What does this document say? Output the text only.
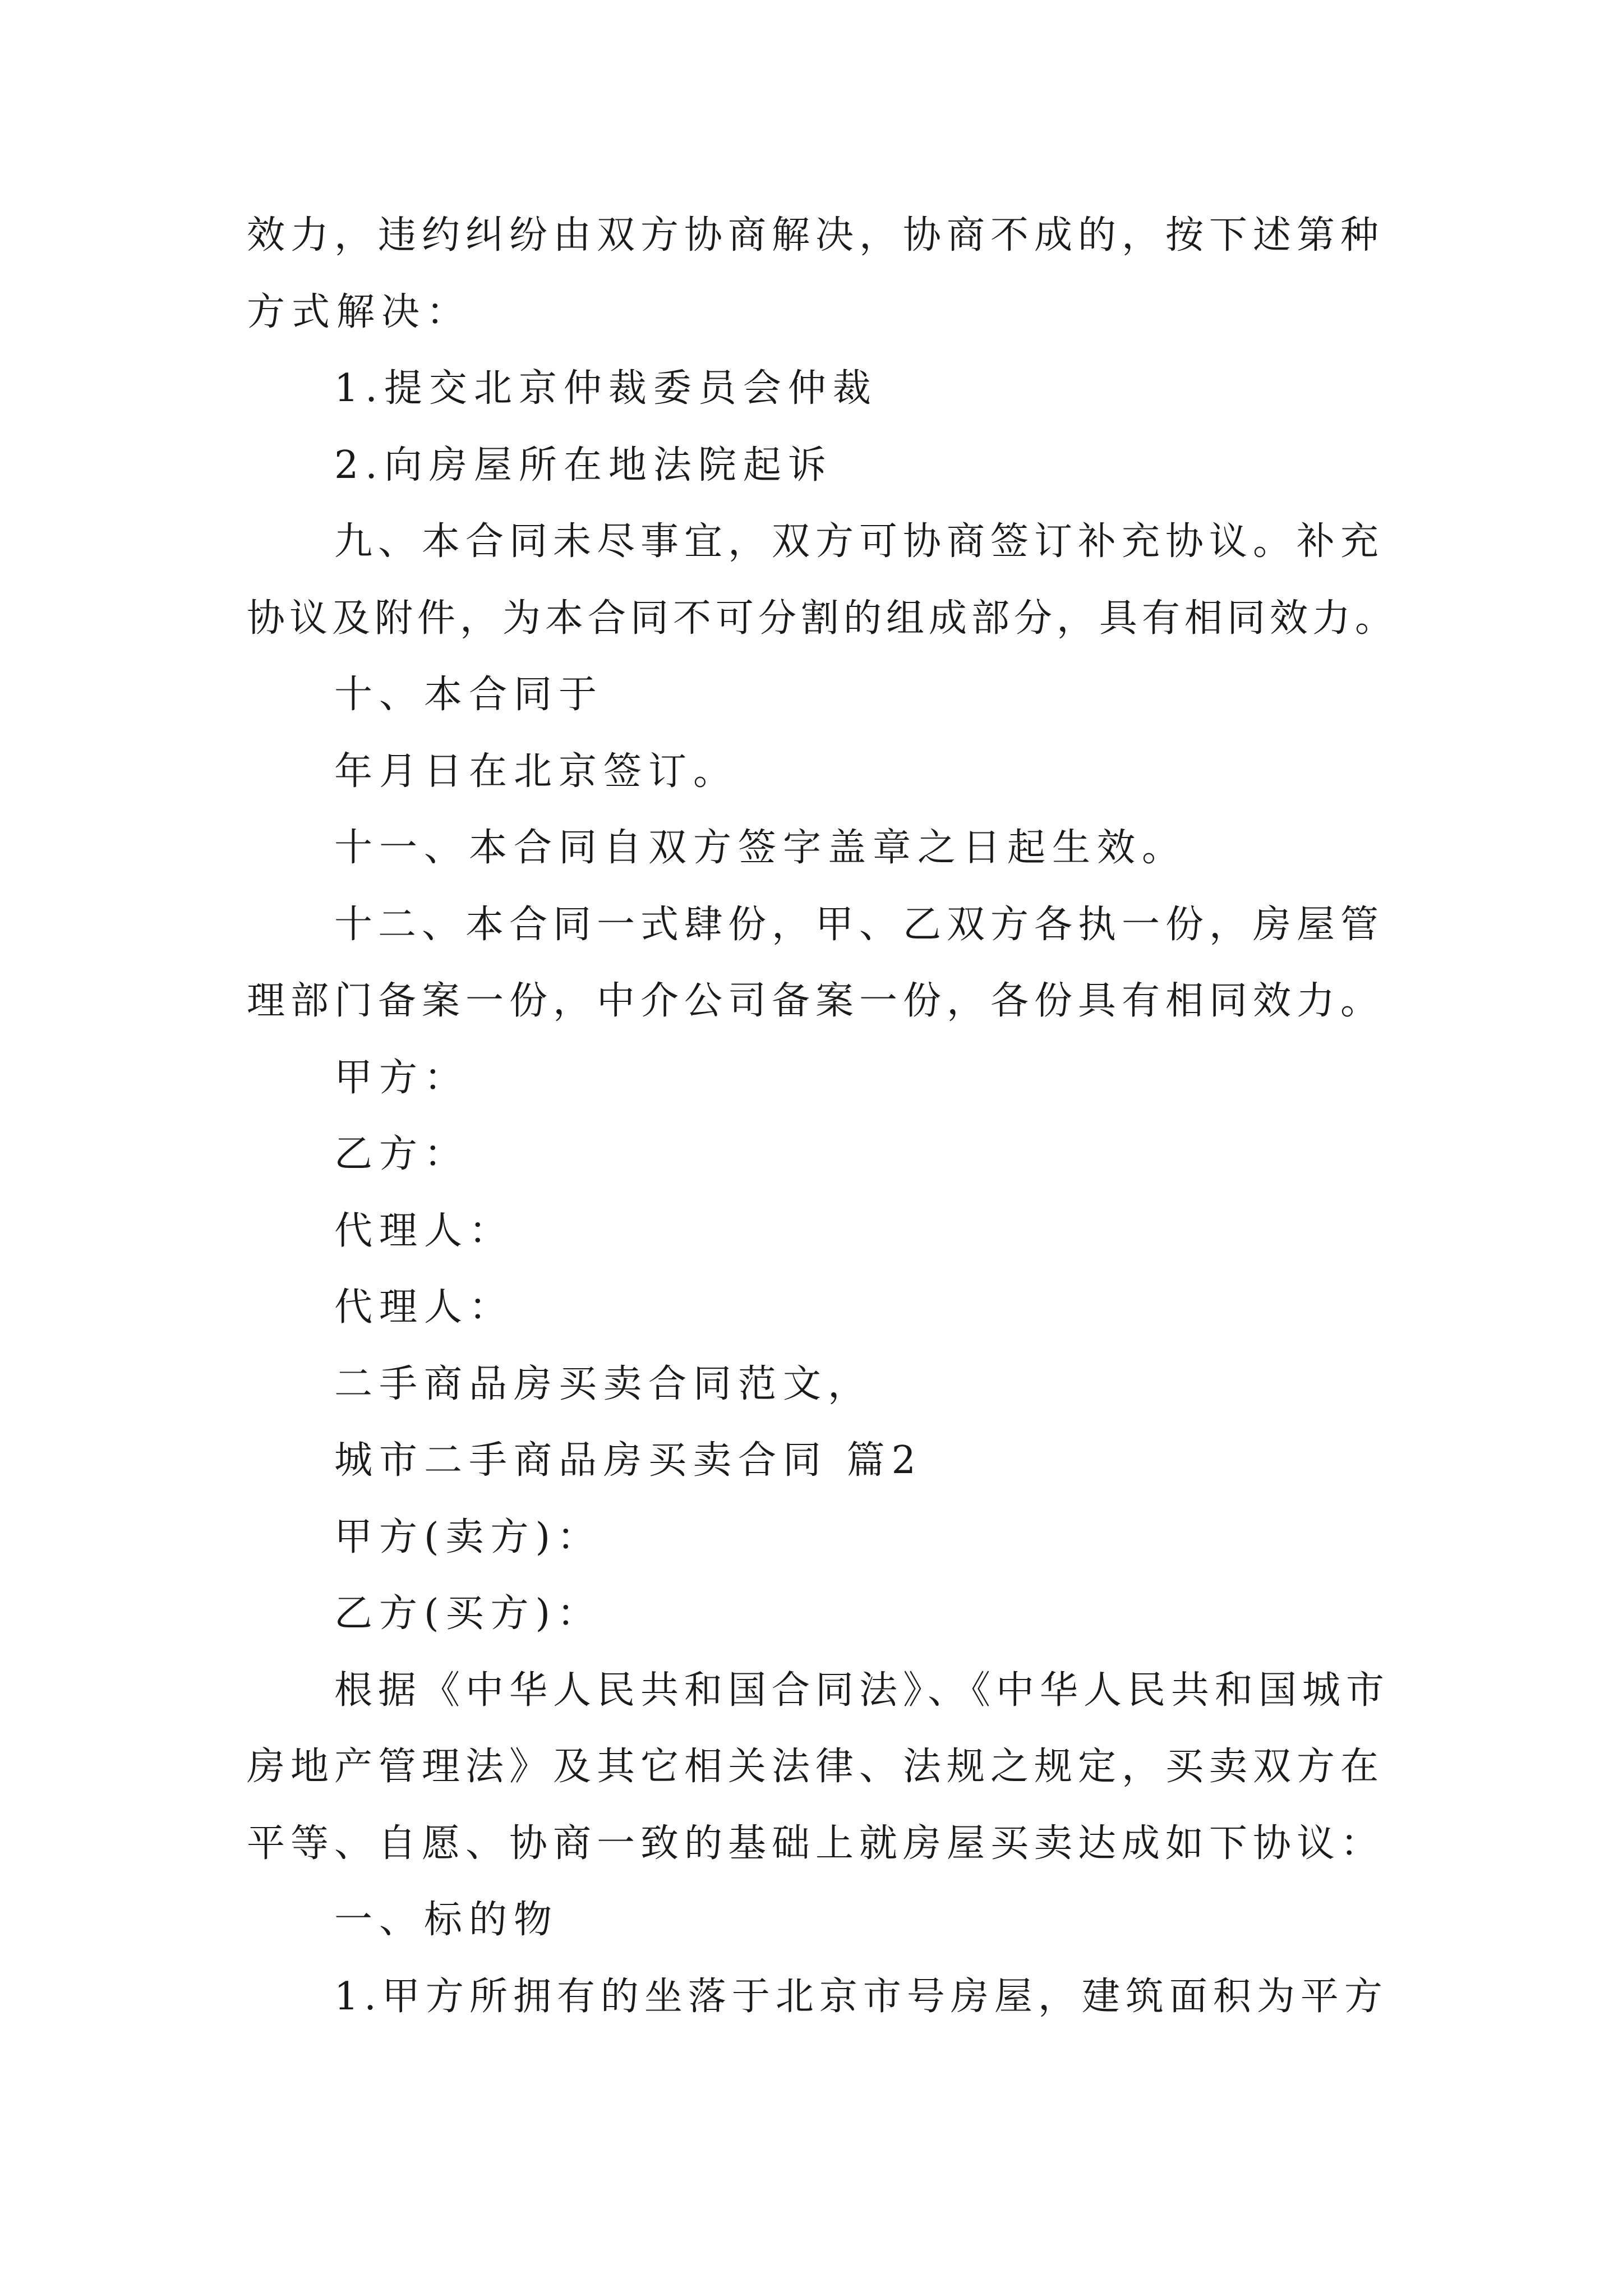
效力，违约纠纷由双方协商解决，协商不成的，按下述第种

方式解决：

1.提交北京仲裁委员会仲裁

2.向房屋所在地法院起诉

九、本合同未尽事宜，双方可协商签订补充协议。补充

协议及附件，为本合同不可分割的组成部分，具有相同效力。

十、本合同于

年月日在北京签订。

十一、本合同自双方签字盖章之日起生效。

十二、本合同一式肆份，甲、乙双方各执一份，房屋管

理部门备案一份，中介公司备案一份，各份具有相同效力。

甲方：

乙方：

代理人：

代理人：

二手商品房买卖合同范文，

城市二手商品房买卖合同 篇2

甲方(卖方)：

乙方(买方)：

根据《中华人民共和国合同法》、《中华人民共和国城市

房地产管理法》及其它相关法律、法规之规定，买卖双方在

平等、自愿、协商一致的基础上就房屋买卖达成如下协议：

一、标的物

1.甲方所拥有的坐落于北京市号房屋，建筑面积为平方
